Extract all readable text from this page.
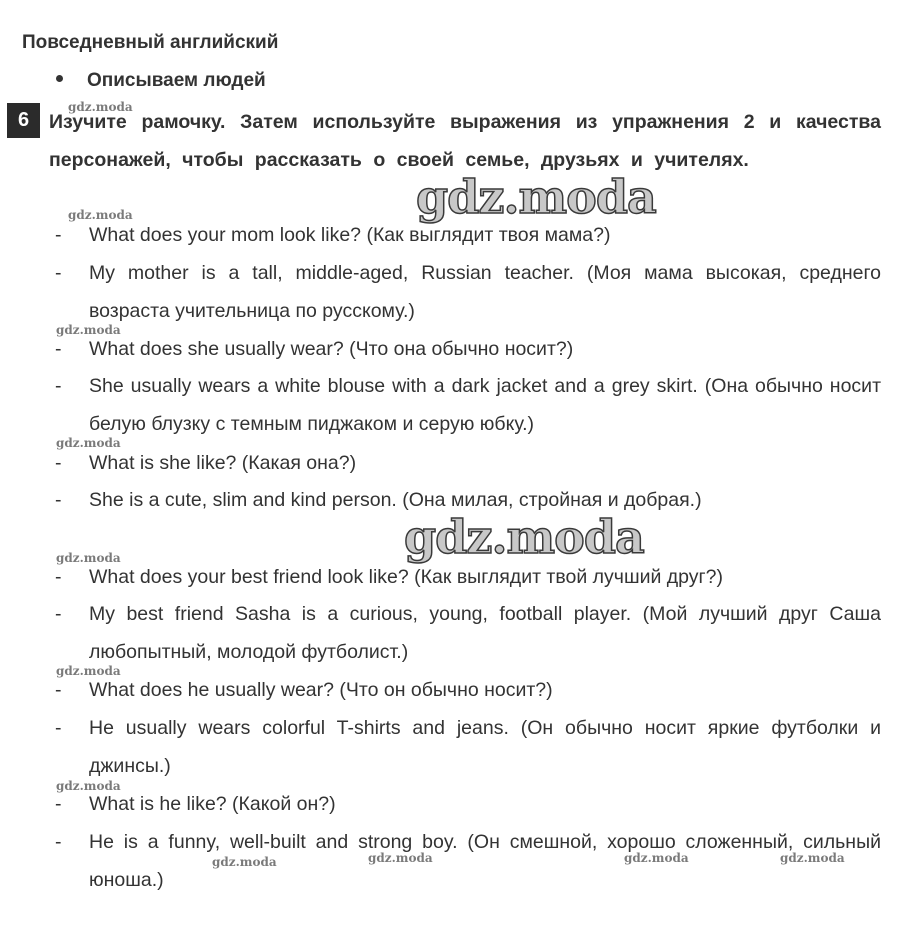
Повседневный английский
Описываем людей
6	Изучите рамочку. Затем используйте выражения из упражнения 2 и качества персонажей, чтобы рассказать о своей семье, друзьях и учителях.
- What does your mom look like? (Как выглядит твоя мама?)
- My mother is a tall, middle-aged, Russian teacher. (Моя мама высокая, среднего возраста учительница по русскому.)
- What does she usually wear? (Что она обычно носит?)
- She usually wears a white blouse with a dark jacket and a grey skirt. (Она обычно носит белую блузку с темным пиджаком и серую юбку.)
- What is she like? (Какая она?)
- She is a cute, slim and kind person. (Она милая, стройная и добрая.)
- What does your best friend look like? (Как выглядит твой лучший друг?)
- My best friend Sasha is a curious, young, football player. (Мой лучший друг Саша любопытный, молодой футболист.)
- What does he usually wear? (Что он обычно носит?)
- He usually wears colorful T-shirts and jeans. (Он обычно носит яркие футболки и джинсы.)
- What is he like? (Какой он?)
- He is a funny, well-built and strong boy. (Он смешной, хорошо сложенный, сильный юноша.)
gdz.moda
gdz.moda
gdz.moda
gdz.moda
gdz.moda
gdz.moda
gdz.moda
gdz.moda	gdz.moda	gdz.moda	gdz.moda
gdz.moda
gdz.moda
